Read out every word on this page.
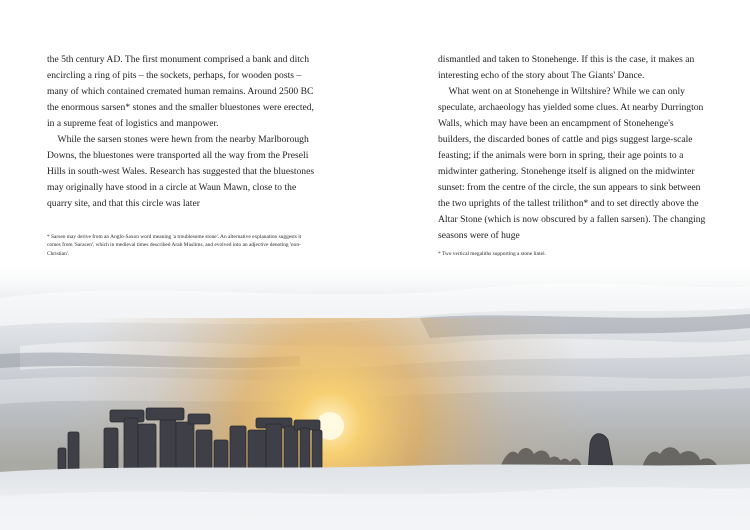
the 5th century AD. The first monument comprised a bank and ditch encircling a ring of pits – the sockets, perhaps, for wooden posts – many of which contained cremated human remains. Around 2500 BC the enormous sarsen* stones and the smaller bluestones were erected, in a supreme feat of logistics and manpower.

While the sarsen stones were hewn from the nearby Marlborough Downs, the bluestones were transported all the way from the Preseli Hills in south-west Wales. Research has suggested that the bluestones may originally have stood in a circle at Waun Mawn, close to the quarry site, and that this circle was later

* Sarsen may derive from an Anglo-Saxon word meaning 'a troublesome stone'. An alternative explanation suggests it comes from 'Saracen', which in medieval times described Arab Muslims, and evolved into an adjective denoting 'non-Christian'.

dismantled and taken to Stonehenge. If this is the case, it makes an interesting echo of the story about The Giants' Dance.

What went on at Stonehenge in Wiltshire? While we can only speculate, archaeology has yielded some clues. At nearby Durrington Walls, which may have been an encampment of Stonehenge's builders, the discarded bones of cattle and pigs suggest large-scale feasting; if the animals were born in spring, their age points to a midwinter gathering. Stonehenge itself is aligned on the midwinter sunset: from the centre of the circle, the sun appears to sink between the two uprights of the tallest trilithon* and to set directly above the Altar Stone (which is now obscured by a fallen sarsen). The changing seasons were of huge

* Two vertical megaliths supporting a stone lintel.
